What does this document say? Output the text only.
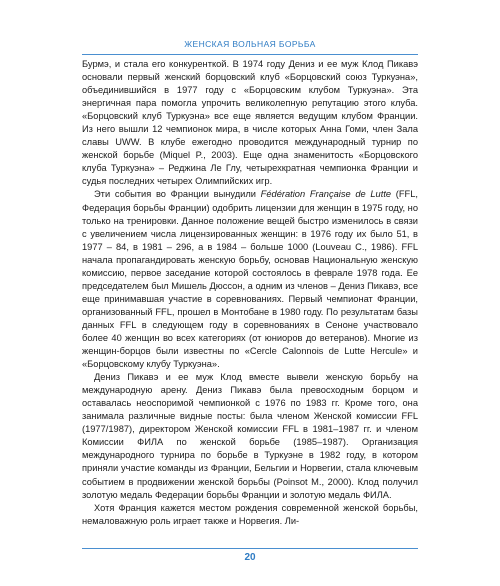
ЖЕНСКАЯ ВОЛЬНАЯ БОРЬБА

Бурмэ, и стала его конкуренткой. В 1974 году Дениз и ее муж Клод Пикавэ основали первый женский борцовский клуб «Борцовский союз Туркуэна», объединившийся в 1977 году с «Борцовским клубом Туркуэна». Эта энергичная пара помогла упрочить великолепную репутацию этого клуба. «Борцовский клуб Туркуэна» все еще является ведущим клубом Франции. Из него вышли 12 чемпионок мира, в числе которых Анна Гоми, член Зала славы UWW. В клубе ежегодно проводится международный турнир по женской борьбе (Miquel P., 2003). Еще одна знаменитость «Борцовского клуба Туркуэна» – Реджина Ле Глу, четырехкратная чемпионка Франции и судья последних четырех Олимпийских игр.

Эти события во Франции вынудили Fédération Française de Lutte (FFL, Федерация борьбы Франции) одобрить лицензии для женщин в 1975 году, но только на тренировки. Данное положение вещей быстро изменилось в связи с увеличением числа лицензированных женщин: в 1976 году их было 51, в 1977 – 84, в 1981 – 296, а в 1984 – больше 1000 (Louveau C., 1986). FFL начала пропагандировать женскую борьбу, основав Национальную женскую комиссию, первое заседание которой состоялось в феврале 1978 года. Ее председателем был Мишель Дюссон, а одним из членов – Дениз Пикавэ, все еще принимавшая участие в соревнованиях. Первый чемпионат Франции, организованный FFL, прошел в Монтобане в 1980 году. По результатам базы данных FFL в следующем году в соревнованиях в Сеноне участвовало более 40 женщин во всех категориях (от юниоров до ветеранов). Многие из женщин-борцов были известны по «Cercle Calonnois de Lutte Hercule» и «Борцовскому клубу Туркуэна».

Дениз Пикавэ и ее муж Клод вместе вывели женскую борьбу на международную арену. Дениз Пикавэ была превосходным борцом и оставалась неоспоримой чемпионкой с 1976 по 1983 гг. Кроме того, она занимала различные видные посты: была членом Женской комиссии FFL (1977/1987), директором Женской комиссии FFL в 1981–1987 гг. и членом Комиссии ФИЛА по женской борьбе (1985–1987). Организация международного турнира по борьбе в Туркуэне в 1982 году, в котором приняли участие команды из Франции, Бельгии и Норвегии, стала ключевым событием в продвижении женской борьбы (Poinsot M., 2000). Клод получил золотую медаль Федерации борьбы Франции и золотую медаль ФИЛА.

Хотя Франция кажется местом рождения современной женской борьбы, немаловажную роль играет также и Норвегия. Ли-

20
